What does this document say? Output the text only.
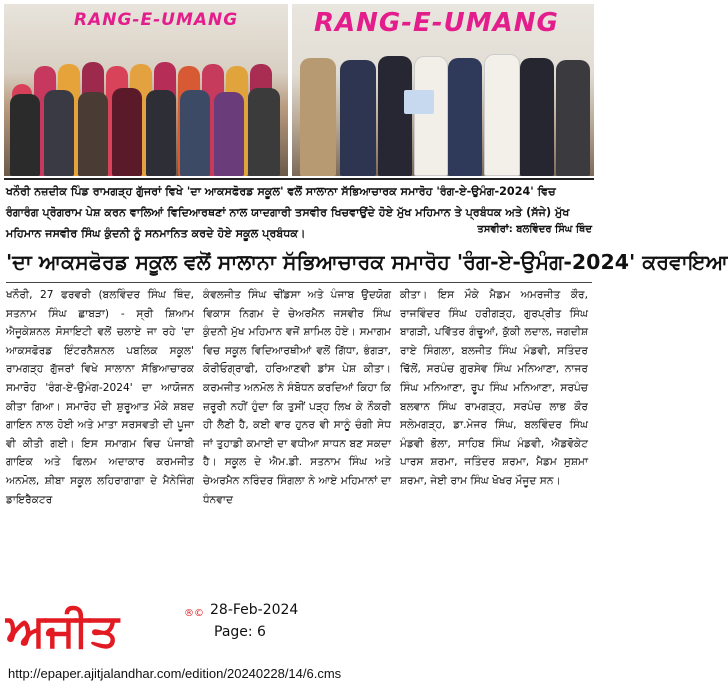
RANG-E-UMANG	RANG-E-UMANG
ਖਨੌਰੀ ਨਜ਼ਦੀਕ ਪਿੰਡ ਰਾਮਗੜ੍ਹ ਗੁੱਜਰਾਂ ਵਿਖੇ 'ਦਾ ਆਕਸਫੋਰਡ ਸਕੂਲ' ਵਲੋਂ ਸਾਲਾਨਾ ਸੱਭਿਆਚਾਰਕ ਸਮਾਰੋਹ 'ਰੰਗ-ਏ-ਉਮੰਗ-2024' ਵਿਚ ਰੰਗਾਰੰਗ ਪ੍ਰੋਗਰਾਮ ਪੇਸ਼ ਕਰਨ ਵਾਲਿਆਂ ਵਿਦਿਆਰਥਣਾਂ ਨਾਲ ਯਾਦਗਾਰੀ ਤਸਵੀਰ ਖਿਚਵਾਉਂਦੇ ਹੋਏ ਮੁੱਖ ਮਹਿਮਾਨ ਤੇ ਪ੍ਰਬੰਧਕ ਅਤੇ (ਸੱਜੇ) ਮੁੱਖ ਮਹਿਮਾਨ ਜਸਵੀਰ ਸਿੰਘ ਕੁੰਦਨੀ ਨੂੰ ਸਨਮਾਨਿਤ ਕਰਦੇ ਹੋਏ ਸਕੂਲ ਪ੍ਰਬੰਧਕ।	ਤਸਵੀਰਾਂ: ਬਲਵਿੰਦਰ ਸਿੰਘ ਥਿੰਦ
'ਦਾ ਆਕਸਫੋਰਡ ਸਕੂਲ ਵਲੋਂ ਸਾਲਾਨਾ ਸੱਭਿਆਚਾਰਕ ਸਮਾਰੋਹ 'ਰੰਗ-ਏ-ਉਮੰਗ-2024' ਕਰਵਾਇਆ
ਖਨੌਰੀ, 27 ਫਰਵਰੀ (ਬਲਵਿੰਦਰ ਸਿੰਘ ਥਿੰਦ, ਸਤਨਾਮ ਸਿੰਘ ਛਾਬੜਾ) - ਸ੍ਰੀ ਸ਼ਿਆਮ ਐਜੂਕੇਸ਼ਨਲ ਸੋਸਾਇਟੀ ਵਲੋਂ ਚਲਾਏ ਜਾ ਰਹੇ 'ਦਾ ਆਕਸਫੋਰਡ ਇੰਟਰਨੈਸ਼ਨਲ ਪਬਲਿਕ ਸਕੂਲ' ਰਾਮਗੜ੍ਹ ਗੁੱਜਰਾਂ ਵਿਖੇ ਸਾਲਾਨਾ ਸੱਭਿਆਚਾਰਕ ਸਮਾਰੋਹ 'ਰੰਗ-ਏ-ਉਮੰਗ-2024' ਦਾ ਆਯੋਜਨ ਕੀਤਾ ਗਿਆ। ਸਮਾਰੋਹ ਦੀ ਸ਼ੁਰੂਆਤ ਮੌਕੇ ਸ਼ਬਦ ਗਾਇਨ ਨਾਲ ਹੋਈ ਅਤੇ ਮਾਤਾ ਸਰਸਵਤੀ ਦੀ ਪੂਜਾ ਵੀ ਕੀਤੀ ਗਈ। ਇਸ ਸਮਾਗਮ ਵਿਚ ਪੰਜਾਬੀ ਗਾਇਕ ਅਤੇ ਫਿਲਮ ਅਦਾਕਾਰ ਕਰਮਜੀਤ ਅਨਮੋਲ, ਸ਼ੀਬਾ ਸਕੂਲ ਲਹਿਰਾਗਾਗਾ ਦੇ ਮੈਨੇਜਿੰਗ ਡਾਇਰੈਕਟਰ
ਕੰਵਲਜੀਤ ਸਿੰਘ ਢੀਂਡਸਾ ਅਤੇ ਪੰਜਾਬ ਉਦਯੋਗ ਵਿਕਾਸ ਨਿਗਮ ਦੇ ਚੇਅਰਮੈਨ ਜਸਵੀਰ ਸਿੰਘ ਕੁੰਦਨੀ ਮੁੱਖ ਮਹਿਮਾਨ ਵਜੋਂ ਸ਼ਾਮਿਲ ਹੋਏ। ਸਮਾਗਮ ਵਿਚ ਸਕੂਲ ਵਿਦਿਆਰਥੀਆਂ ਵਲੋਂ ਗਿੱਧਾ, ਭੰਗੜਾ, ਕੋਰੀਓਗ੍ਰਾਫੀ, ਹਰਿਆਣਵੀ ਡਾਂਸ ਪੇਸ਼ ਕੀਤਾ। ਕਰਮਜੀਤ ਅਨਮੋਲ ਨੇ ਸੰਬੋਧਨ ਕਰਦਿਆਂ ਕਿਹਾ ਕਿ ਜ਼ਰੂਰੀ ਨਹੀਂ ਹੁੰਦਾ ਕਿ ਤੁਸੀਂ ਪੜ੍ਹ ਲਿਖ ਕੇ ਨੌਕਰੀ ਹੀ ਲੈਣੀ ਹੈ, ਕਈ ਵਾਰ ਹੁਨਰ ਵੀ ਸਾਨੂੰ ਚੰਗੀ ਸੇਧ ਜਾਂ ਤੁਹਾਡੀ ਕਮਾਈ ਦਾ ਵਧੀਆ ਸਾਧਨ ਬਣ ਸਕਦਾ ਹੈ। ਸਕੂਲ ਦੇ ਐਮ.ਡੀ. ਸਤਨਾਮ ਸਿੰਘ ਅਤੇ ਚੇਅਰਮੈਨ ਨਰਿੰਦਰ ਸਿੰਗਲਾ ਨੇ ਆਏ ਮਹਿਮਾਨਾਂ ਦਾ ਧੰਨਵਾਦ
ਕੀਤਾ। ਇਸ ਮੌਕੇ ਮੈਡਮ ਅਮਰਜੀਤ ਕੌਰ, ਰਾਜਵਿੰਦਰ ਸਿੰਘ ਹਰੀਗੜ੍ਹ, ਗੁਰਪ੍ਰੀਤ ਸਿੰਘ ਬਾਗੜੀ, ਪਵਿੱਤਰ ਗੰਢੂਆਂ, ਕੁੱਕੀ ਲਦਾਲ, ਜਗਦੀਸ਼ ਰਾਏ ਸਿੰਗਲਾ, ਬਲਜੀਤ ਸਿੰਘ ਮੰਡਵੀ, ਸਤਿੰਦਰ ਢਿੱਲੋਂ, ਸਰਪੰਚ ਗੁਰਸੇਵ ਸਿੰਘ ਮਨਿਆਣਾ, ਨਾਜਰ ਸਿੰਘ ਮਨਿਆਣਾ, ਰੂਪ ਸਿੰਘ ਮਨਿਆਣਾ, ਸਰਪੰਚ ਬਲਵਾਨ ਸਿੰਘ ਰਾਮਗੜ੍ਹ, ਸਰਪੰਚ ਲਾਭ ਕੌਰ ਸਲੇਮਗੜ੍ਹ, ਡਾ.ਮੇਜਰ ਸਿੰਘ, ਬਲਵਿੰਦਰ ਸਿੰਘ ਮੰਡਵੀ ਭੋਲਾ, ਸਾਹਿਬ ਸਿੰਘ ਮੰਡਵੀ, ਐਡਵੋਕੇਟ ਪਾਰਸ ਸ਼ਰਮਾ, ਜਤਿੰਦਰ ਸ਼ਰਮਾ, ਮੈਡਮ ਸੁਸ਼ਮਾ ਸ਼ਰਮਾ, ਜੇਈ ਰਾਮ ਸਿੰਘ ਖੋਖਰ ਮੌਜੂਦ ਸਨ।
ਅਜੀਤ	®© 28-Feb-2024
Page: 6
http://epaper.ajitjalandhar.com/edition/20240228/14/6.cms
